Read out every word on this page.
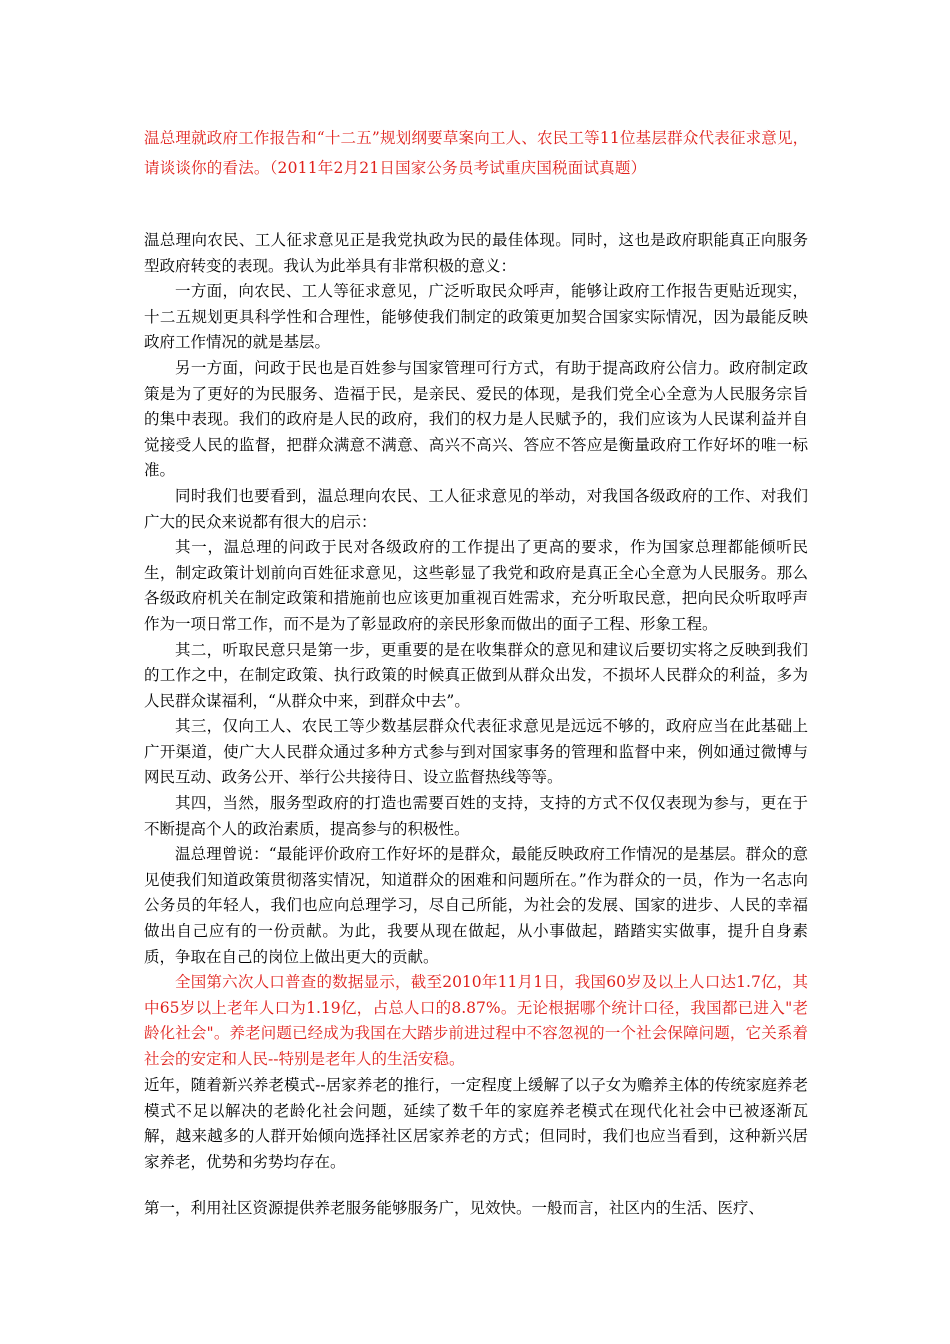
温总理就政府工作报告和“十二五”规划纲要草案向工人、农民工等11位基层群众代表征求意见，请谈谈你的看法。（2011年2月21日国家公务员考试重庆国税面试真题）

温总理向农民、工人征求意见正是我党执政为民的最佳体现。同时，这也是政府职能真正向服务型政府转变的表现。我认为此举具有非常积极的意义：

一方面，向农民、工人等征求意见，广泛听取民众呼声，能够让政府工作报告更贴近现实，十二五规划更具科学性和合理性，能够使我们制定的政策更加契合国家实际情况，因为最能反映政府工作情况的就是基层。

另一方面，问政于民也是百姓参与国家管理可行方式，有助于提高政府公信力。政府制定政策是为了更好的为民服务、造福于民，是亲民、爱民的体现，是我们党全心全意为人民服务宗旨的集中表现。我们的政府是人民的政府，我们的权力是人民赋予的，我们应该为人民谋利益并自觉接受人民的监督，把群众满意不满意、高兴不高兴、答应不答应是衡量政府工作好坏的唯一标准。

同时我们也要看到，温总理向农民、工人征求意见的举动，对我国各级政府的工作、对我们广大的民众来说都有很大的启示：

其一，温总理的问政于民对各级政府的工作提出了更高的要求，作为国家总理都能倾听民生，制定政策计划前向百姓征求意见，这些彰显了我党和政府是真正全心全意为人民服务。那么各级政府机关在制定政策和措施前也应该更加重视百姓需求，充分听取民意，把向民众听取呼声作为一项日常工作，而不是为了彰显政府的亲民形象而做出的面子工程、形象工程。

其二，听取民意只是第一步，更重要的是在收集群众的意见和建议后要切实将之反映到我们的工作之中，在制定政策、执行政策的时候真正做到从群众出发，不损坏人民群众的利益，多为人民群众谋福利，“从群众中来，到群众中去”。

其三，仅向工人、农民工等少数基层群众代表征求意见是远远不够的，政府应当在此基础上广开渠道，使广大人民群众通过多种方式参与到对国家事务的管理和监督中来，例如通过微博与网民互动、政务公开、举行公共接待日、设立监督热线等等。

其四，当然，服务型政府的打造也需要百姓的支持，支持的方式不仅仅表现为参与，更在于不断提高个人的政治素质，提高参与的积极性。

温总理曾说：“最能评价政府工作好坏的是群众，最能反映政府工作情况的是基层。群众的意见使我们知道政策贯彻落实情况，知道群众的困难和问题所在。”作为群众的一员，作为一名志向公务员的年轻人，我们也应向总理学习，尽自己所能，为社会的发展、国家的进步、人民的幸福做出自己应有的一份贡献。为此，我要从现在做起，从小事做起，踏踏实实做事，提升自身素质，争取在自己的岗位上做出更大的贡献。

全国第六次人口普查的数据显示，截至2010年11月1日，我国60岁及以上人口达1.7亿，其中65岁以上老年人口为1.19亿，占总人口的8.87%。无论根据哪个统计口径，我国都已进入"老龄化社会"。养老问题已经成为我国在大踏步前进过程中不容忽视的一个社会保障问题，它关系着社会的安定和人民--特别是老年人的生活安稳。

近年，随着新兴养老模式--居家养老的推行，一定程度上缓解了以子女为赡养主体的传统家庭养老模式不足以解决的老龄化社会问题，延续了数千年的家庭养老模式在现代化社会中已被逐渐瓦解，越来越多的人群开始倾向选择社区居家养老的方式；但同时，我们也应当看到，这种新兴居家养老，优势和劣势均存在。

第一，利用社区资源提供养老服务能够服务广，见效快。一般而言，社区内的生活、医疗、
